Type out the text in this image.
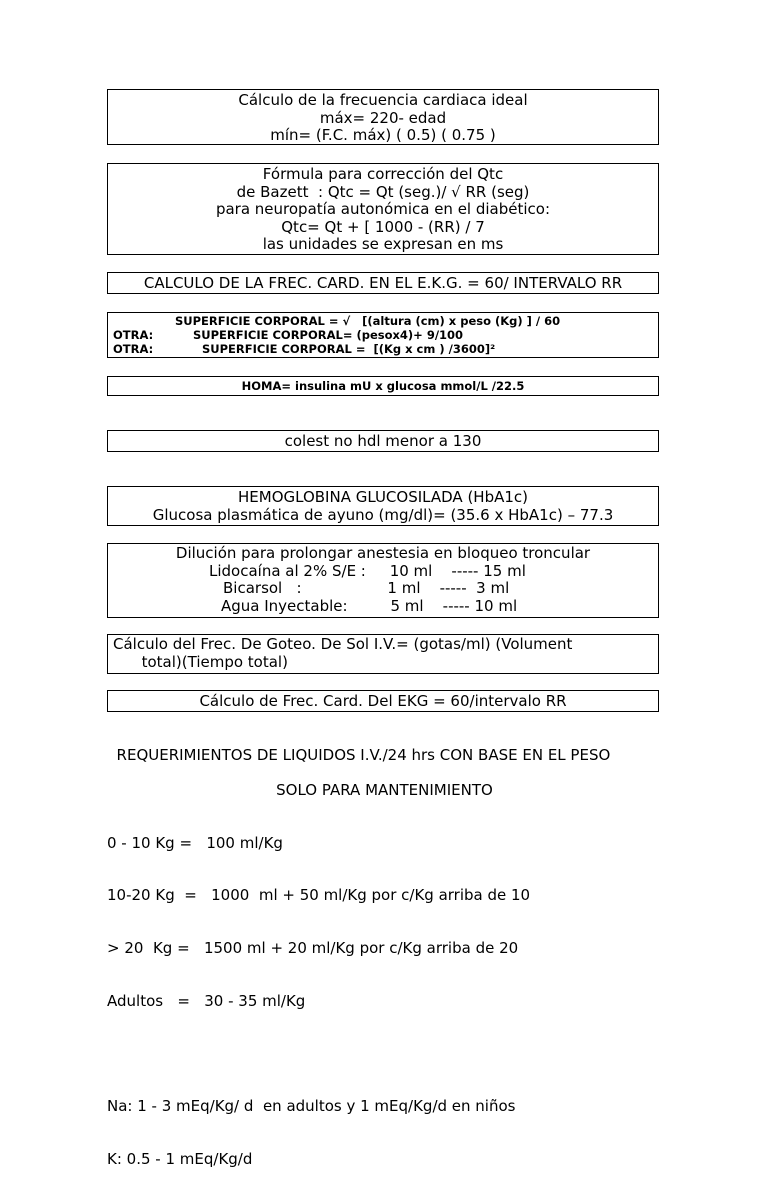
Cálculo de la frecuencia cardiaca ideal
máx= 220- edad
mín= (F.C. máx) ( 0.5) ( 0.75 )
Fórmula para corrección del Qtc
de Bazett  : Qtc = Qt (seg.)/ √ RR (seg)
para neuropatía autonómica en el diabético:
Qtc= Qt + [ 1000 - (RR) / 7
las unidades se expresan en ms
CALCULO DE LA FREC. CARD. EN EL E.K.G. = 60/ INTERVALO RR
SUPERFICIE CORPORAL = √   [(altura (cm) x peso (Kg) ] / 60
OTRA:	SUPERFICIE CORPORAL= (pesox4)+ 9/100
OTRA:	SUPERFICIE CORPORAL =  [(Kg x cm ) /3600]²
HOMA= insulina mU x glucosa mmol/L /22.5
colest no hdl menor a 130
HEMOGLOBINA GLUCOSILADA (HbA1c)
Glucosa plasmática de ayuno (mg/dl)= (35.6 x HbA1c) – 77.3
Dilución para prolongar anestesia en bloqueo troncular
Lidocaína al 2% S/E :     10 ml    ----- 15 ml
Bicarsol   :                  1 ml    -----  3 ml
Agua Inyectable:         5 ml    ----- 10 ml
Cálculo del Frec. De Goteo. De Sol I.V.= (gotas/ml) (Volument
total)(Tiempo total)
Cálculo de Frec. Card. Del EKG = 60/intervalo RR

REQUERIMIENTOS DE LIQUIDOS I.V./24 hrs CON BASE EN EL PESO

SOLO PARA MANTENIMIENTO

0 - 10 Kg =   100 ml/Kg

10-20 Kg  =   1000  ml + 50 ml/Kg por c/Kg arriba de 10

> 20  Kg =   1500 ml + 20 ml/Kg por c/Kg arriba de 20

Adultos   =   30 - 35 ml/Kg

Na: 1 - 3 mEq/Kg/ d  en adultos y 1 mEq/Kg/d en niños

K: 0.5 - 1 mEq/Kg/d
